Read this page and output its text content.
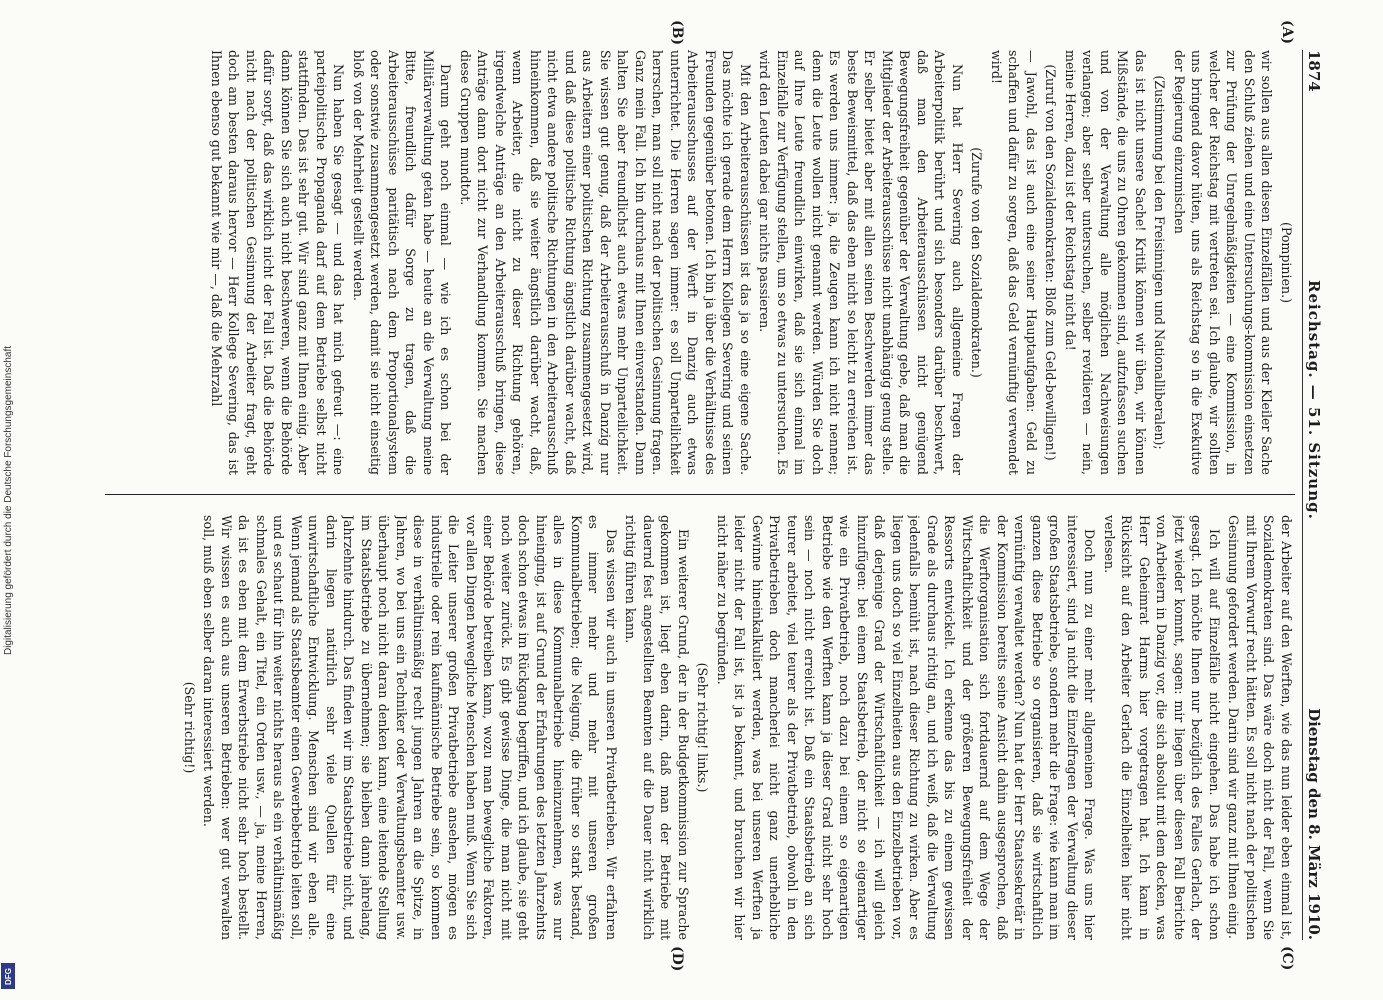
1874
Reichstag. — 51. Sitzung.
Dienstag den 8. März 1910.

(Pompinien.)

wir sollen aus allen diesen Einzelfällen und aus der Kleiler Sache den Schluß ziehen und eine Untersuchungs-kommission einsetzen zur Prüfung der Unregelmäßigkeiten — eine Kommission, in welcher der Reichstag mit vertreten sei. Ich glaube, wir sollten uns bringend davor hüten, uns als Reichstag so in die Exekutive der Regierung einzumischen

(Zustimmung bei den Freisinnigen und Nationalliberalen);

das ist nicht unsere Sache! Kritik können wir üben, wir können Mißstände, die uns zu Ohren gekommen sind, aufzufassen suchen und von der Verwaltung alle möglichen Nachweisungen verlangen; aber selber untersuchen, selber revidieren — nein, meine Herren, dazu ist der Reichstag nicht da!

(Zuruf von den Sozialdemokraten: Bloß zum Geld-bewilligen!)

— Jawohl, das ist auch eine seiner Hauptaufgaben: Geld zu schaffen und dafür zu sorgen, daß das Geld vernünftig verwendet wird!

(Zurufe von den Sozialdemokraten.)

Nun hat Herr Severing auch allgemeine Fragen der Arbeiterpolitik berührt und sich besonders darüber beschwert, daß man den Arbeiterausschüssen nicht genügend Bewegungsfreiheit gegenüber der Verwaltung gebe, daß man die Mitglieder der Arbeiterausschüsse nicht unabhängig genug stelle. Er selber bietet aber mit allen seinen Beschwerden immer das beste Beweismittel, daß das eben nicht so leicht zu erreichen ist. Es werden uns immer: ja, die Zeugen kann ich nicht nennen; denn die Leute wollen nicht genannt werden. Würden Sie doch auf Ihre Leute freundlich einwirken, daß sie sich einmal im Einzelfalle zur Verfügung stellen, um so etwas zu untersuchen. Es wird den Leuten dabei gar nichts passieren.

Mit den Arbeiterausschüssen ist das ja so eine eigene Sache. Das möchte ich gerade dem Herrn Kollegen Severing und seinen Freunden gegenüber betonen. Ich bin ja über die Verhältnisse des Arbeiterausschusses auf der Werft in Danzig auch etwas unterrichtet. Die Herren sagen immer: es soll Unparteilichkeit herrschen, man soll nicht nach der politischen Gesinnung fragen. Ganz mein Fall. Ich bin durchaus mit Ihnen einverstanden. Dann halten Sie aber freundlichst auch etwas mehr Unparteilichkeit. Sie wissen gut genug, daß der Arbeiterausschuß in Danzig nur aus Arbeitern einer politischen Richtung zusammengesetzt wird, und daß diese politische Richtung ängstlich darüber wacht, daß nicht etwa andere politische Richtungen in den Arbeiterausschuß hineinkommen, daß sie weiter ängstlich darüber wacht, daß, wenn Arbeiter, die nicht zu dieser Richtung gehören, irgendwelche Anträge an den Arbeiterausschuß bringen, diese Anträge dann dort nicht zur Verhandlung kommen. Sie machen diese Gruppen mundtot.

Darum geht noch einmal — wie ich es schon bei der Militärverwaltung getan habe — heute an die Verwaltung meine Bitte, freundlich dafür Sorge zu tragen, daß die Arbeiterausschüsse paritätisch nach dem Proportionalsystem oder sonstwie zusammengesetzt werden, damit sie nicht einseitig bloß von der Mehrheit gestellt werden.

Nun haben Sie gesagt — und das hat mich gefreut —: eine parteipolitische Propaganda darf auf dem Betriebe selbst nicht stattfinden. Das ist sehr gut. Wir sind ganz mit Ihnen einig. Aber dann können Sie sich auch nicht beschweren, wenn die Behörde dafür sorgt, daß das wirklich nicht der Fall ist. Daß die Behörde nicht nach der politischen Gesinnung der Arbeiter fragt, geht doch am besten daraus hervor — Herr Kollege Severing, das ist Ihnen ebenso gut bekannt wie mir —, daß die Mehrzahl

der Arbeiter auf den Werften, wie das nun leider eben einmal ist, Sozialdemokraten sind. Das wäre doch nicht der Fall, wenn Sie mit Ihrem Vorwurf recht hätten. Es soll nicht nach der politischen Gesinnung gefordert werden. Darin sind wir ganz mit Ihnen einig.

Ich will auf Einzelfälle nicht eingehen. Das habe ich schon gesagt. Ich möchte Ihnen nur bezüglich des Falles Gerlach, der jetzt wieder kommt, sagen: mir liegen über diesen Fall Berichte von Arbeitern in Danzig vor, die sich absolut mit dem decken, was Herr Geheimrat Harms hier vorgetragen hat. Ich kann in Rücksicht auf den Arbeiter Gerlach die Einzelheiten hier nicht verlesen.

Doch nun zu einer mehr allgemeinen Frage. Was uns hier interessiert, sind ja nicht die Einzelfragen der Verwaltung dieser großen Staatsbetriebe, sondern mehr die Frage: wie kann man im ganzen diese Betriebe so organisieren, daß sie wirtschaftlich vernünftig verwaltet werden? Nun hat der Herr Staatssekretär in der Kommission bereits seine Ansicht dahin ausgesprochen, daß die Werftorganisation sich fortdauernd auf dem Wege der Wirtschaftlichkeit und der größeren Bewegungsfreiheit der Ressorts entwickelt. Ich erkenne das bis zu einem gewissen Grade als durchaus richtig an, und ich weiß, daß die Verwaltung jedenfalls bemüht ist, nach dieser Richtung zu wirken. Aber es liegen uns doch so viel Einzelheiten aus den Einzelbetrieben vor, daß derjenige Grad der Wirtschaftlichkeit — ich will gleich hinzufügen: bei einem Staatsbetrieb, der nicht so eigenartiger wie ein Privatbetrieb, noch dazu bei einem so eigenartigen Betriebe wie den Werften kann ja dieser Grad nicht sehr hoch sein — noch nicht erreicht ist. Daß ein Staatsbetrieb an sich teurer arbeitet, viel teurer als der Privatbetrieb, obwohl in den Privatbetrieben doch mancherlei nicht ganz unerhebliche Gewinne hineinkalkuliert werden, was bei unseren Werften ja leider nicht der Fall ist, ist ja bekannt, und brauchen wir hier nicht näher zu begründen.

(Sehr richtig! links.)

Ein weiterer Grund, der in der Budgetkommission zur Sprache gekommen ist, liegt eben darin, daß man der Betriebe mit dauernd fest angestellten Beamten auf die Dauer nicht wirklich richtig führen kann.

Das wissen wir auch in unseren Privatbetrieben. Wir erfahren es immer mehr und mehr mit unseren großen Kommunalbetrieben; die Neigung, die früher so stark bestand, alles in diese Kommunalbetriebe hineinzunehmen, was nur hineinging, ist auf Grund der Erfahrungen des letzten Jahrzehnts doch schon etwas im Rückgang begriffen, und ich glaube, sie geht noch weiter zurück. Es gibt gewisse Dinge, die man nicht mit einer Behörde betreiben kann, wozu man bewegliche Faktoren, vor allen Dingen bewegliche Menschen haben muß. Wenn Sie sich die Leiter unserer großen Privatbetriebe ansehen, mögen es industrielle oder rein kaufmännische Betriebe sein, so kommen diese in verhältnismäßig recht jungen Jahren an die Spitze, in Jahren, wo bei uns ein Techniker oder Verwaltungsbeamter usw. überhaupt noch nicht daran denken kann, eine leitende Stellung im Staatsbetriebe zu übernehmen; sie bleiben dann jahrelang, Jahrzehnte hindurch. Das finden wir im Staatsbetriebe nicht, und darin liegen natürlich sehr viele Quellen für eine unwirtschaftliche Entwicklung. Menschen sind wir eben alle. Wenn jemand als Staatsbeamter einen Gewerbebetrieb leiten soll, und es schaut für ihn weiter nichts heraus als ein verhältnismäßig schmales Gehalt, ein Titel, ein Orden usw., — ja, meine Herren, da ist es eben mit dem Erwerbstriebe nicht sehr hoch bestellt. Wir wissen es auch aus unseren Betrieben: wer gut verwalten soll, muß eben selber daran interessiert werden.

(Sehr richtig!)

(A)
(B)
(C)
(D)
Digitalisierung gefördert durch die Deutsche Forschungsgemeinschaft
DFG
